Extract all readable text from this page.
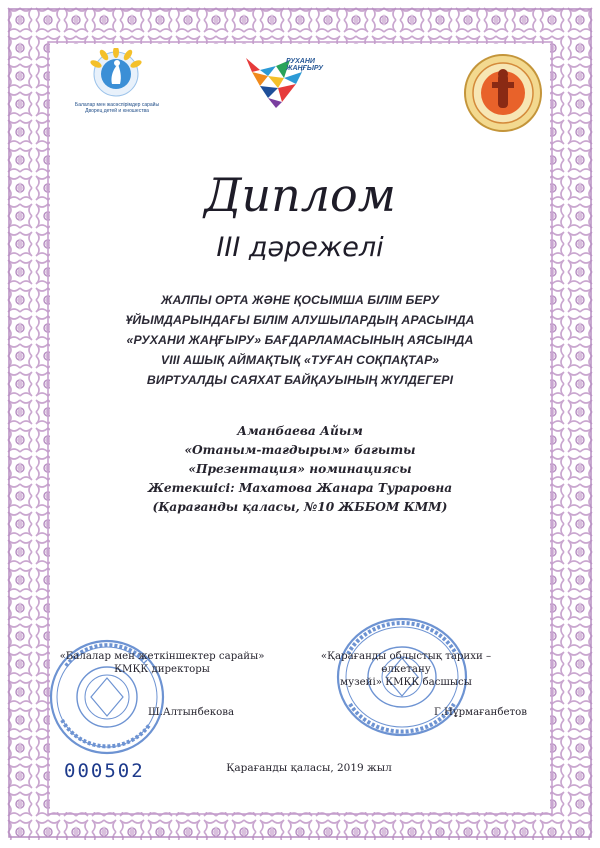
Балалар мен жасөспірімдер сарайы
Дворец детей и юношества
РУХАНИ
ЖАҢҒЫРУ
Диплом
III дәрежелі
ЖАЛПЫ ОРТА ЖӘНЕ ҚОСЫМША БІЛІМ БЕРУ
ҰЙЫМДАРЫНДАҒЫ БІЛІМ АЛУШЫЛАРДЫҢ АРАСЫНДА
«РУХАНИ ЖАҢҒЫРУ» БАҒДАРЛАМАСЫНЫҢ АЯСЫНДА
VIII АШЫҚ АЙМАҚТЫҚ «ТУҒАН СОҚПАҚТАР»
ВИРТУАЛДЫ САЯХАТ БАЙҚАУЫНЫҢ ЖҮЛДЕГЕРІ
Аманбаева Айым
«Отаным-тағдырым» бағыты
«Презентация» номинациясы
Жетекшісі: Махатова Жанара Тураровна
(Қарағанды қаласы, №10 ЖББОМ КММ)
«Балалар мен жеткіншектер сарайы»
КМҚК директоры
«Қарағанды облыстық тарихи – өлкетану
музейі» КМҚК басшысы
Ш.Алтынбекова	Г.Нұрмағанбетов
000502	Қарағанды қаласы, 2019 жыл
